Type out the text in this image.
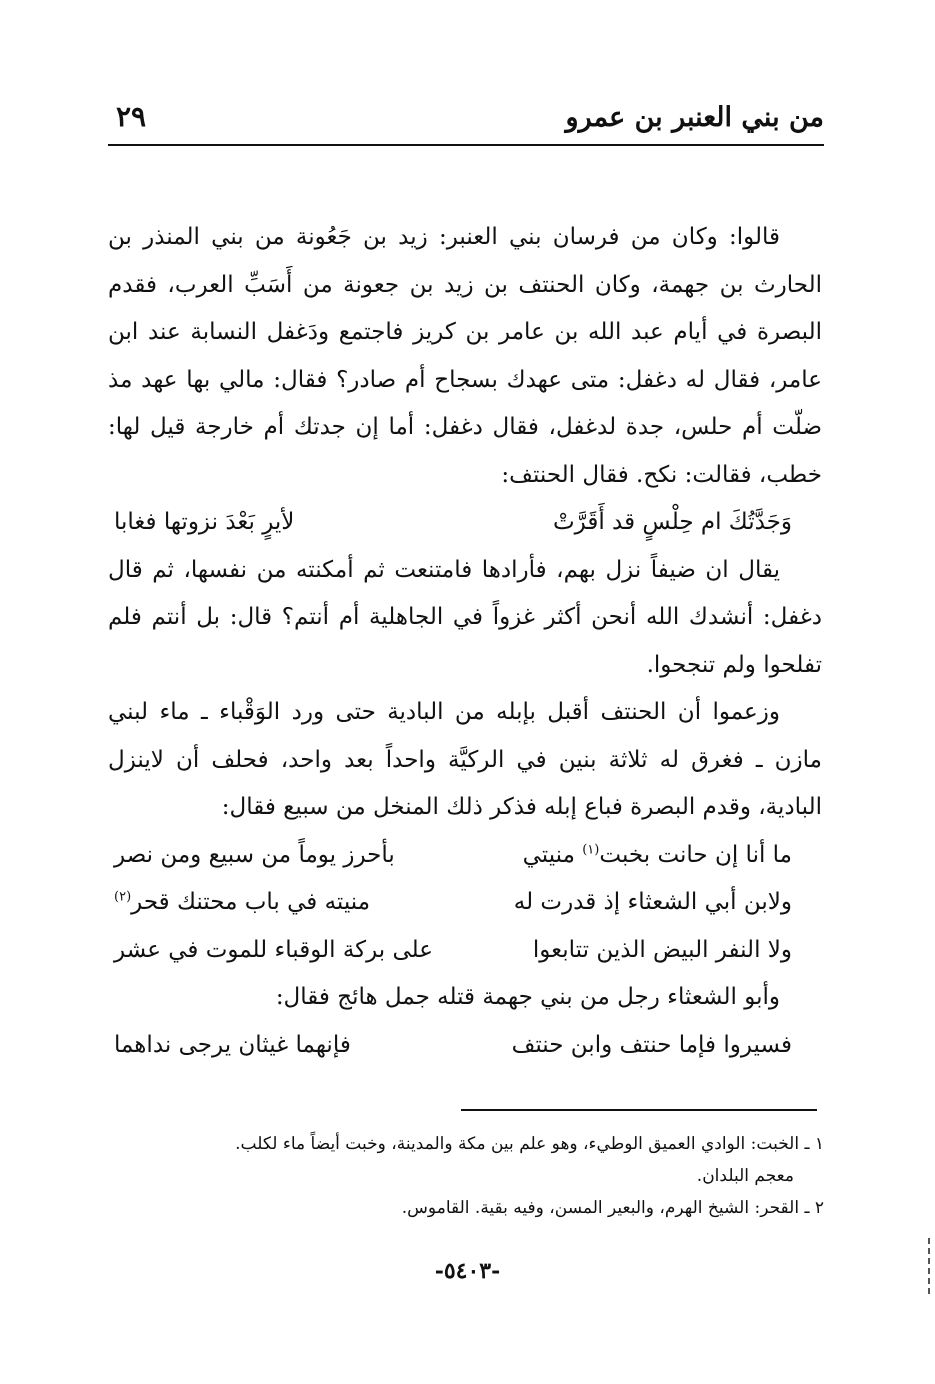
من بني العنبر بن عمرو
٢٩

قالوا: وكان من فرسان بني العنبر: زيد بن جَعُونة من بني المنذر بن الحارث بن جهمة، وكان الحنتف بن زيد بن جعونة من أَسَبِّ العرب، فقدم البصرة في أيام عبد الله بن عامر بن كريز فاجتمع ودَغفل النسابة عند ابن عامر، فقال له دغفل: متى عهدك بسجاح أم صادر؟ فقال: مالي بها عهد مذ ضلّت أم حلس، جدة لدغفل، فقال دغفل: أما إن جدتك أم خارجة قيل لها: خطب، فقالت: نكح. فقال الحنتف:

وَجَدَّتُكَ ام حِلْسٍ قد أَقَرَّتْ
لأيرٍ بَعْدَ نزوتها فغابا

يقال ان ضيفاً نزل بهم، فأرادها فامتنعت ثم أمكنته من نفسها، ثم قال دغفل: أنشدك الله أنحن أكثر غزواً في الجاهلية أم أنتم؟ قال: بل أنتم فلم تفلحوا ولم تنجحوا.

وزعموا أن الحنتف أقبل بإبله من البادية حتى ورد الوَقْباء ـ ماء لبني مازن ـ فغرق له ثلاثة بنين في الركيَّة واحداً بعد واحد، فحلف أن لاينزل البادية، وقدم البصرة فباع إبله فذكر ذلك المنخل من سبيع فقال:

ما أنا إن حانت بخبت$^{(١)}$ منيتي
بأحرز يوماً من سبيع ومن نصر
ولابن أبي الشعثاء إذ قدرت له
منيته في باب محتنك قحر$^{(٢)}$
ولا النفر البيض الذين تتابعوا
على بركة الوقباء للموت في عشر

وأبو الشعثاء رجل من بني جهمة قتله جمل هائج فقال:

فسيروا فإما حنتف وابن حنتف
فإنهما غيثان يرجى نداهما

١ ـ الخبت: الوادي العميق الوطيء، وهو علم بين مكة والمدينة، وخبت أيضاً ماء لكلب.

معجم البلدان.

٢ ـ القحر: الشيخ الهرم، والبعير المسن، وفيه بقية. القاموس.

-٥٤٠٣-
